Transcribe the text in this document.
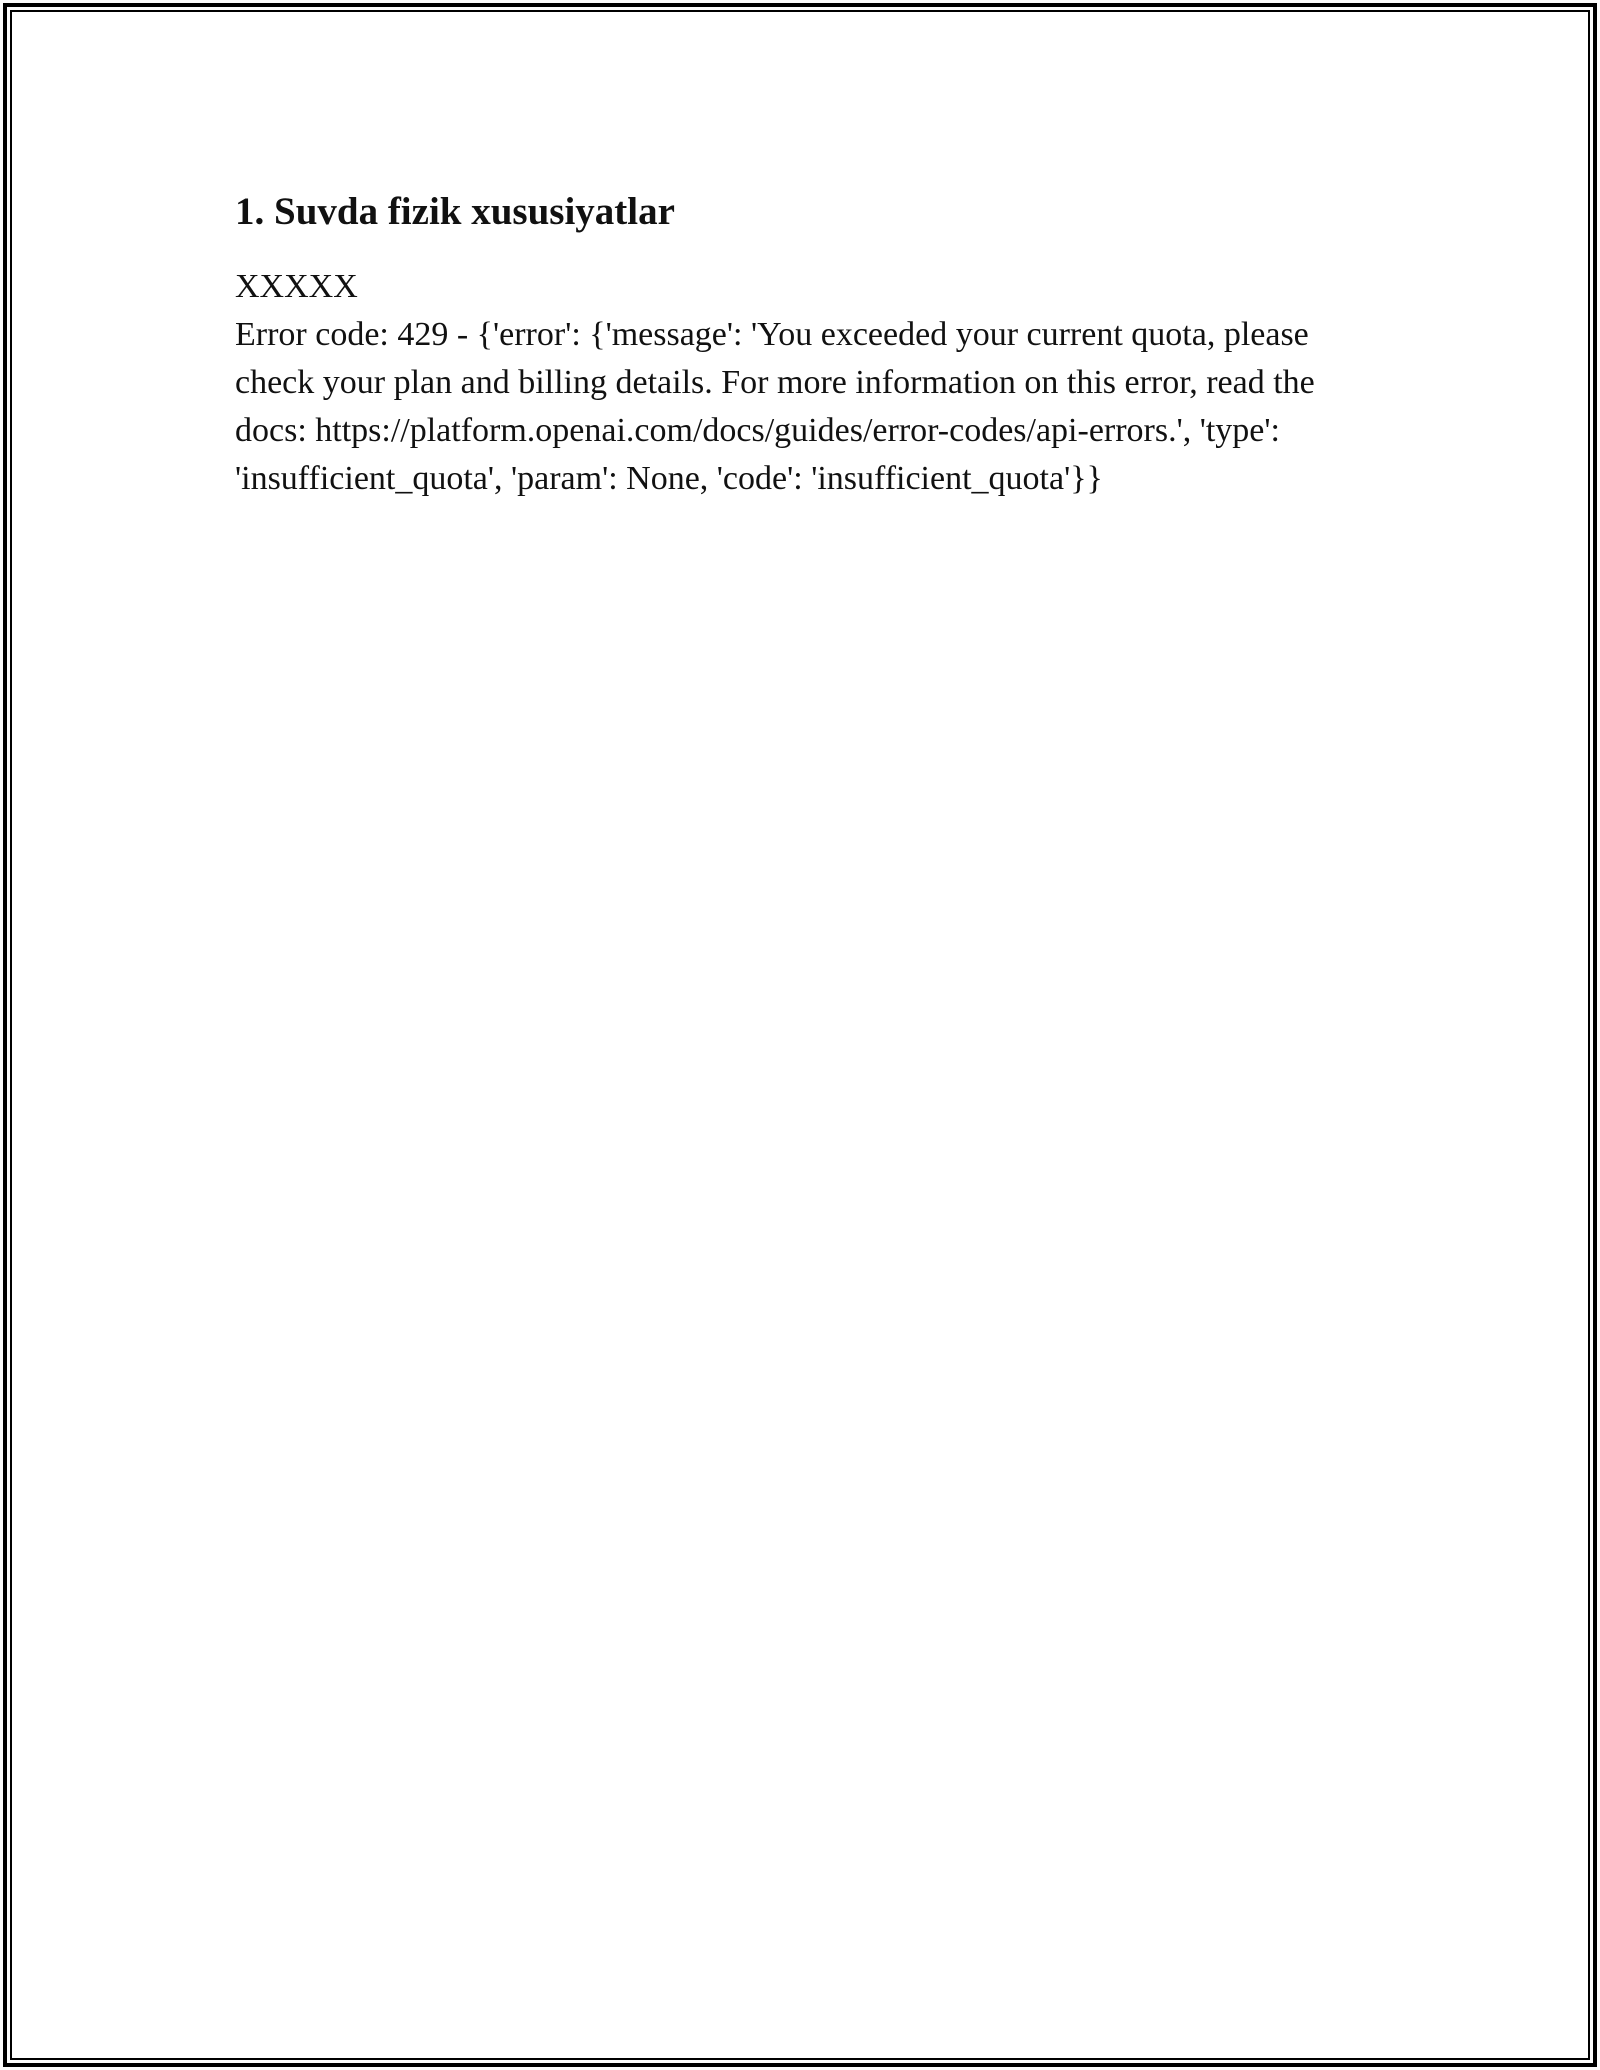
1. Suvda fizik xususiyatlar
XXXXX
Error code: 429 - {'error': {'message': 'You exceeded your current quota, please check your plan and billing details. For more information on this error, read the docs: https://platform.openai.com/docs/guides/error-codes/api-errors.', 'type': 'insufficient_quota', 'param': None, 'code': 'insufficient_quota'}}
